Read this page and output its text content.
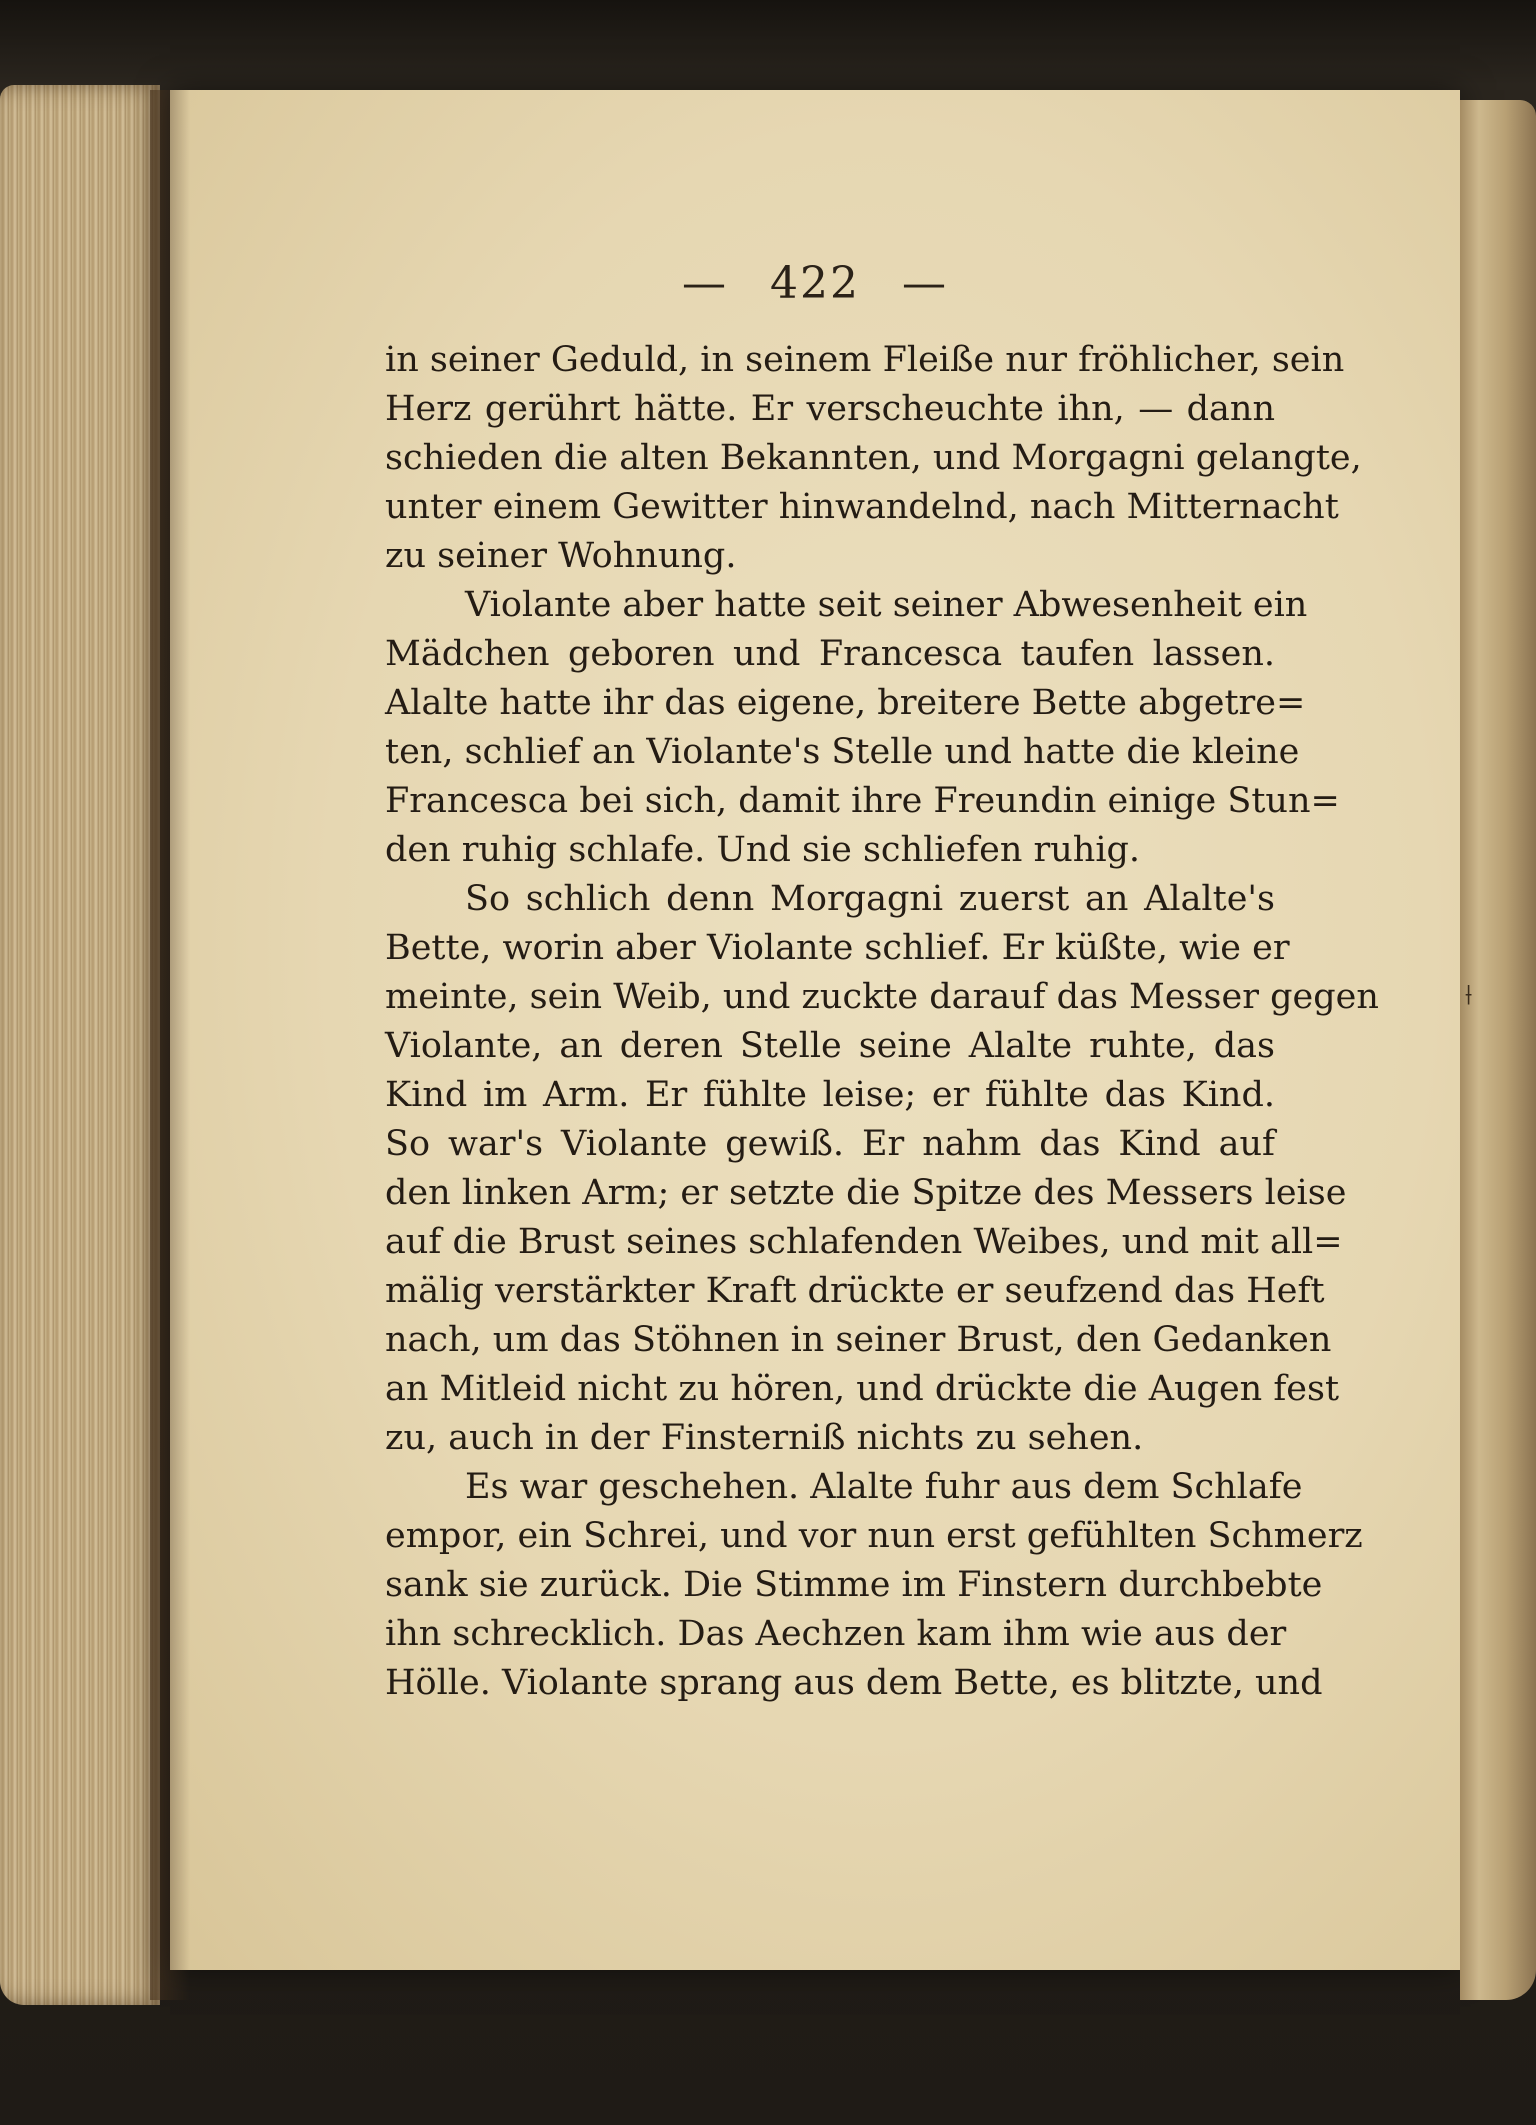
⟊
— 422 —
in seiner Geduld, in seinem Fleiße nur fröhlicher, sein
Herz gerührt hätte. Er verscheuchte ihn, — dann
schieden die alten Bekannten, und Morgagni gelangte,
unter einem Gewitter hinwandelnd, nach Mitternacht
zu seiner Wohnung.
Violante aber hatte seit seiner Abwesenheit ein
Mädchen geboren und Francesca taufen lassen.
Alalte hatte ihr das eigene, breitere Bette abgetre=
ten, schlief an Violante's Stelle und hatte die kleine
Francesca bei sich, damit ihre Freundin einige Stun=
den ruhig schlafe. Und sie schliefen ruhig.
So schlich denn Morgagni zuerst an Alalte's
Bette, worin aber Violante schlief. Er küßte, wie er
meinte, sein Weib, und zuckte darauf das Messer gegen
Violante, an deren Stelle seine Alalte ruhte, das
Kind im Arm. Er fühlte leise; er fühlte das Kind.
So war's Violante gewiß. Er nahm das Kind auf
den linken Arm; er setzte die Spitze des Messers leise
auf die Brust seines schlafenden Weibes, und mit all=
mälig verstärkter Kraft drückte er seufzend das Heft
nach, um das Stöhnen in seiner Brust, den Gedanken
an Mitleid nicht zu hören, und drückte die Augen fest
zu, auch in der Finsterniß nichts zu sehen.
Es war geschehen. Alalte fuhr aus dem Schlafe
empor, ein Schrei, und vor nun erst gefühlten Schmerz
sank sie zurück. Die Stimme im Finstern durchbebte
ihn schrecklich. Das Aechzen kam ihm wie aus der
Hölle. Violante sprang aus dem Bette, es blitzte, und
